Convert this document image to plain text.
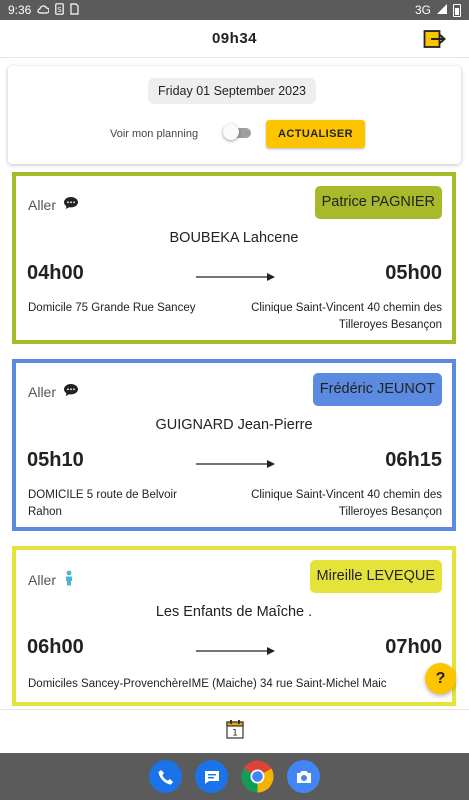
9:36	S	3G
09h34
Friday 01 September 2023
Voir mon planning	ACTUALISER
Aller	Patrice PAGNIER
BOUBEKA Lahcene
04h00	05h00
Domicile 75 Grande Rue Sancey	Clinique Saint-Vincent 40 chemin des Tilleroyes Besançon
Aller	Frédéric JEUNOT
GUIGNARD Jean-Pierre
05h10	06h15
DOMICILE 5 route de Belvoir Rahon
Clinique Saint-Vincent 40 chemin des Tilleroyes Besançon
Aller	Mireille LEVEQUE
Les Enfants de Maîche .
06h00	07h00
Domiciles Sancey-ProvenchèreIME (Maiche) 34 rue Saint-Michel Maic	?
1
